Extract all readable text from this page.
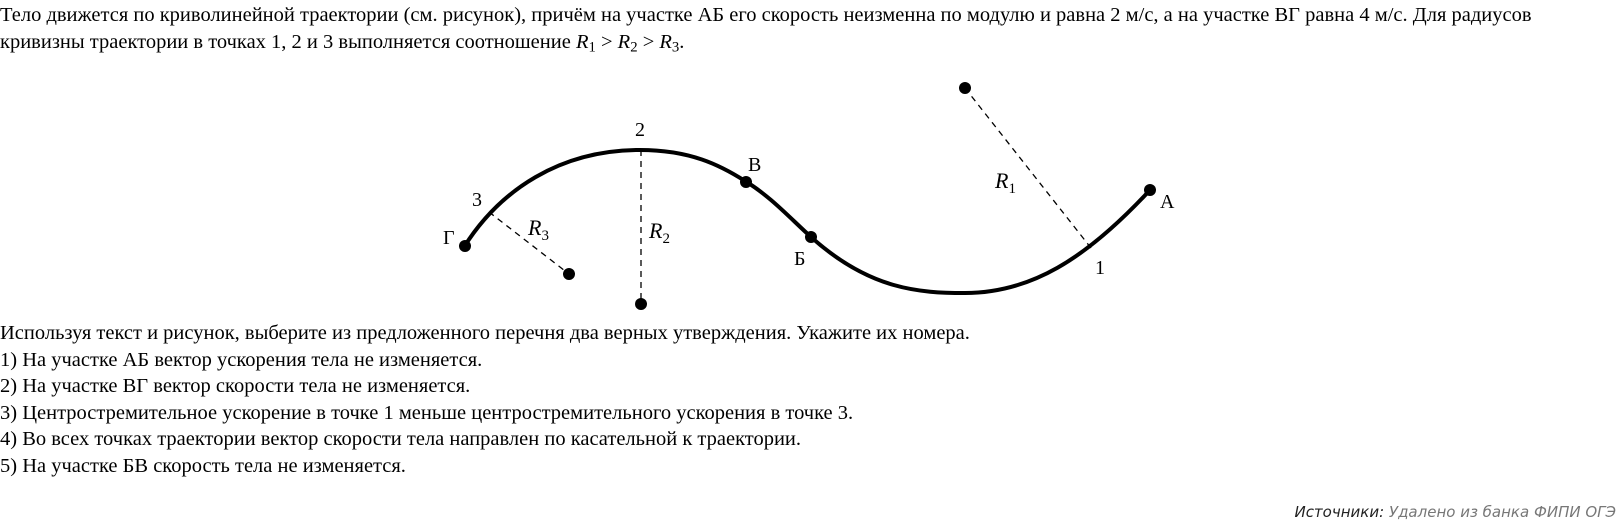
Тело движется по криволинейной траектории (см. рисунок), причём на участке АБ его скорость неизменна по модулю и равна 2 м/с, а на участке ВГ равна 4 м/с. Для радиусов кривизны траектории в точках 1, 2 и 3 выполняется соотношение $R_1 > R_2 > R_3$.
А
В
Б
Г
1
2
3
$R_1$
$R_2$
$R_3$
Используя текст и рисунок, выберите из предложенного перечня два верных утверждения. Укажите их номера.
1) На участке АБ вектор ускорения тела не изменяется.
2) На участке ВГ вектор скорости тела не изменяется.
3) Центростремительное ускорение в точке 1 меньше центростремительного ускорения в точке 3.
4) Во всех точках траектории вектор скорости тела направлен по касательной к траектории.
5) На участке БВ скорость тела не изменяется.
Источники: Удалено из банка ФИПИ ОГЭ
